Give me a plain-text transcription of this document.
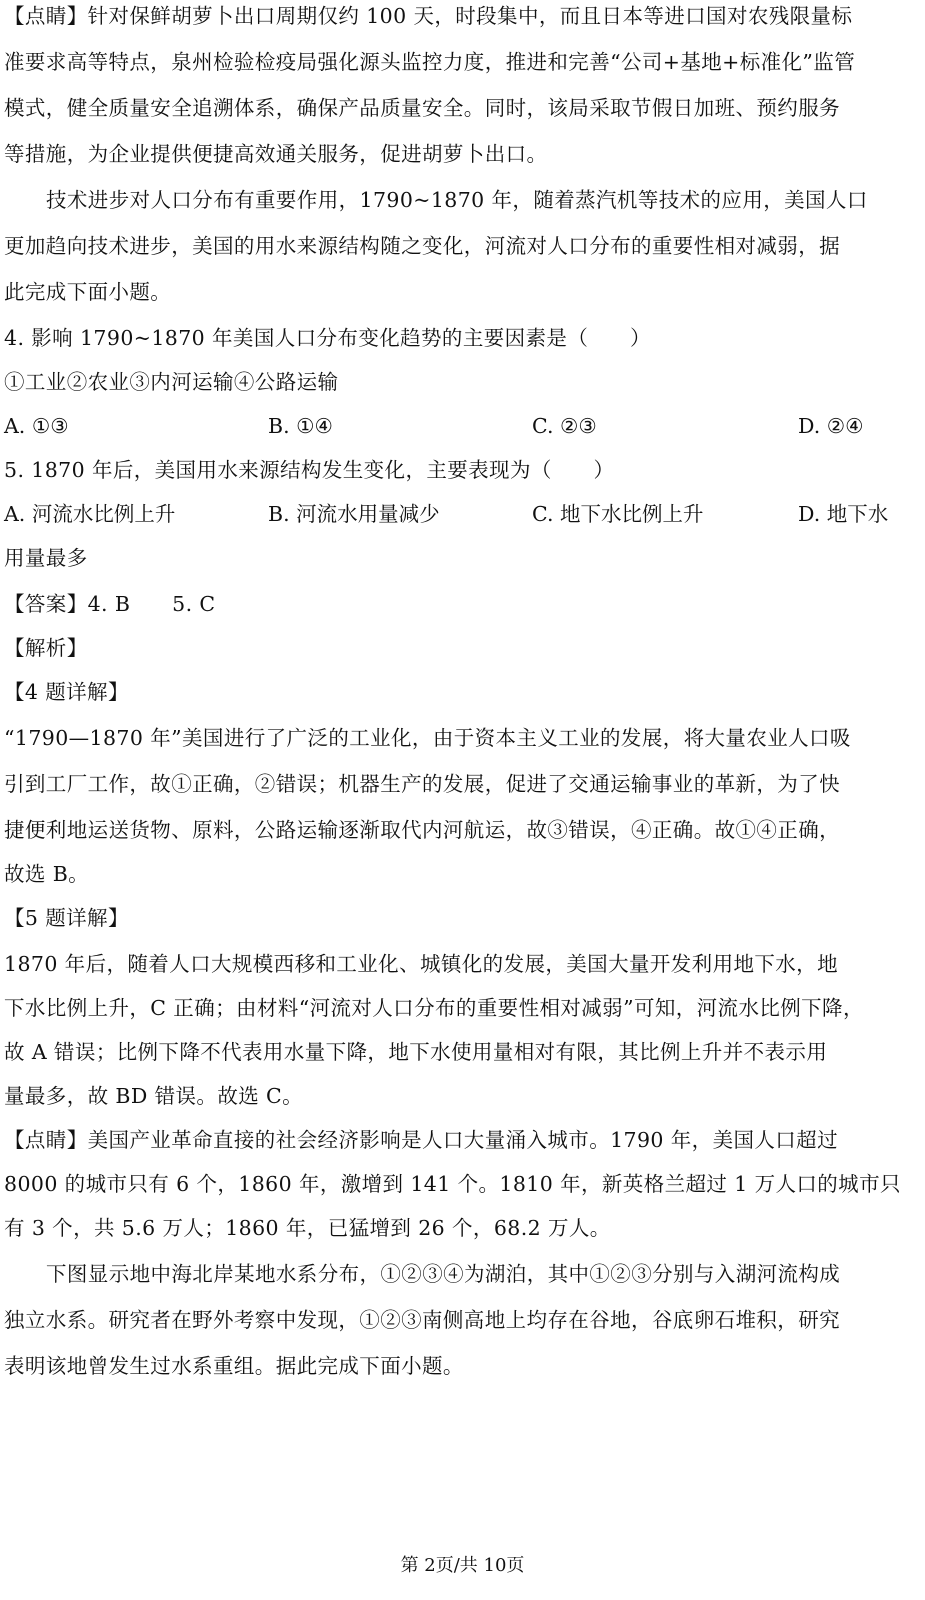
【点睛】针对保鲜胡萝卜出口周期仅约 100 天，时段集中，而且日本等进口国对农残限量标
准要求高等特点，泉州检验检疫局强化源头监控力度，推进和完善“公司+基地+标准化”监管
模式，健全质量安全追溯体系，确保产品质量安全。同时，该局采取节假日加班、预约服务
等措施，为企业提供便捷高效通关服务，促进胡萝卜出口。
技术进步对人口分布有重要作用，1790~1870 年，随着蒸汽机等技术的应用，美国人口
更加趋向技术进步，美国的用水来源结构随之变化，河流对人口分布的重要性相对减弱，据
此完成下面小题。
4. 影响 1790~1870 年美国人口分布变化趋势的主要因素是（　　）
①工业②农业③内河运输④公路运输
A. ①③	B. ①④	C. ②③	D. ②④
5. 1870 年后，美国用水来源结构发生变化，主要表现为（　　）
A. 河流水比例上升	B. 河流水用量减少	C. 地下水比例上升	D. 地下水
用量最多
【答案】4. B　　5. C
【解析】
【4 题详解】
“1790—1870 年”美国进行了广泛的工业化，由于资本主义工业的发展，将大量农业人口吸
引到工厂工作，故①正确，②错误；机器生产的发展，促进了交通运输事业的革新，为了快
捷便利地运送货物、原料，公路运输逐渐取代内河航运，故③错误，④正确。故①④正确，
故选 B。
【5 题详解】
1870 年后，随着人口大规模西移和工业化、城镇化的发展，美国大量开发利用地下水，地
下水比例上升，C 正确；由材料“河流对人口分布的重要性相对减弱”可知，河流水比例下降，
故 A 错误；比例下降不代表用水量下降，地下水使用量相对有限，其比例上升并不表示用
量最多，故 BD 错误。故选 C。
【点睛】美国产业革命直接的社会经济影响是人口大量涌入城市。1790 年，美国人口超过
8000 的城市只有 6 个，1860 年，激增到 141 个。1810 年，新英格兰超过 1 万人口的城市只
有 3 个，共 5.6 万人；1860 年，已猛增到 26 个，68.2 万人。
下图显示地中海北岸某地水系分布，①②③④为湖泊，其中①②③分别与入湖河流构成
独立水系。研究者在野外考察中发现，①②③南侧高地上均存在谷地，谷底卵石堆积，研究
表明该地曾发生过水系重组。据此完成下面小题。
第 2页/共 10页
